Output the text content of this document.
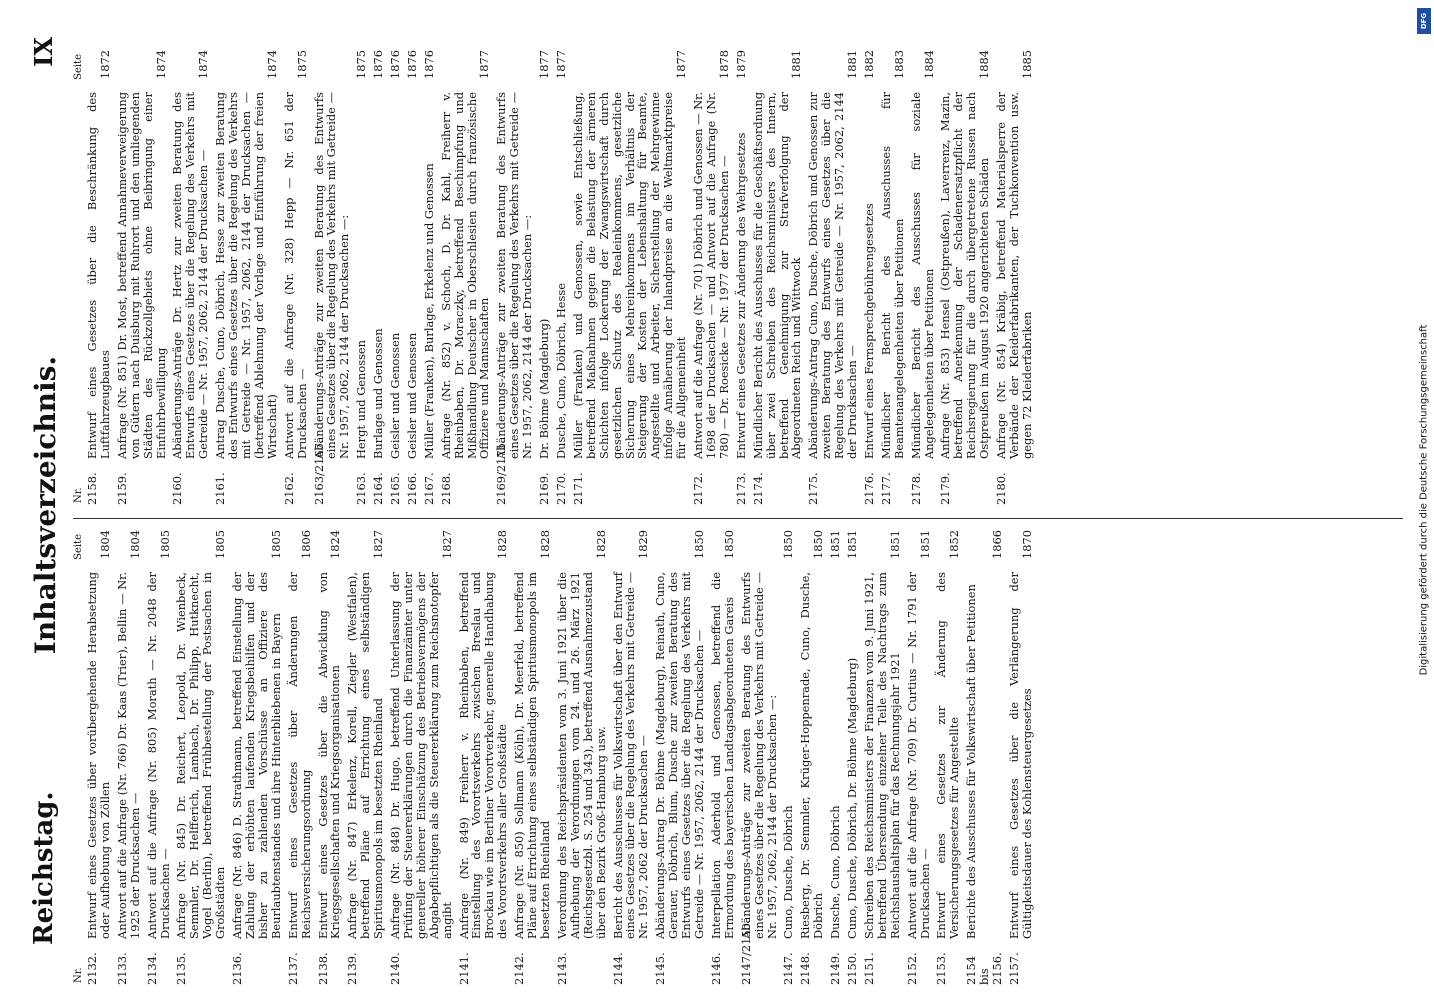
Reichstag.
Inhaltsverzeichnis.
IX
Nr.
Seite
2132.
Entwurf eines Gesetzes über vorübergehende Herabsetzung oder Aufhebung von Zöllen
1804
2133.
Antwort auf die Anfrage (Nr. 766) Dr. Kaas (Trier), Bellin — Nr. 1925 der Drucksachen —
1804
2134.
Antwort auf die Anfrage (Nr. 805) Morath — Nr. 2048 der Drucksachen —
1805
2135.
Anfrage (Nr. 845) Dr. Reichert, Leopold, Dr. Wienbeck, Semmler, Dr. Helfferich, Lambach, Dr. Philipp, Hutknecht, Vogel (Berlin), betreffend Frühbestellung der Postsachen in Großstädten
1805
2136.
Anfrage (Nr. 846) D. Strathmann, betreffend Einstellung der Zahlung der erhöhten laufenden Kriegsbeihilfen und der bisher zu zahlenden Vorschüsse an Offiziere des Beurlaubtenstandes und ihre Hinterbliebenen in Bayern
1805
2137.
Entwurf eines Gesetzes über Änderungen der Reichsversicherungsordnung
1806
2138.
Entwurf eines Gesetzes über die Abwicklung von Kriegsgesellschaften und Kriegsorganisationen
1824
2139.
Anfrage (Nr. 847) Erkelenz, Korell, Ziegler (Westfalen), betreffend Pläne auf Errichtung eines selbständigen Spiritusmonopols im besetzten Rheinland
1827
2140.
Anfrage (Nr. 848) Dr. Hugo, betreffend Unterlassung der Prüfung der Steuererklärungen durch die Finanzämter unter genereller höherer Einschätzung des Betriebsvermögens der Abgabepflichtigen als die Steuererklärung zum Reichsnotopfer angibt
1827
2141.
Anfrage (Nr. 849) Freiherr v. Rheinbaben, betreffend Einstellung des Vorortsverkehrs zwischen Breslau und Brockau wie im Berliner Vorortverkehr, generelle Handhabung des Vorortsverkehrs aller Großstädte
1828
2142.
Anfrage (Nr. 850) Sollmann (Köln), Dr. Meerfeld, betreffend Pläne auf Errichtung eines selbständigen Spiritusmonopols im besetzten Rheinland
1828
2143.
Verordnung des Reichspräsidenten vom 3. Juni 1921 über die Aufhebung der Verordnungen vom 24. und 26. März 1921 (Reichsgesetzbl. S. 254 und 343), betreffend Ausnahmezustand über den Bezirk Groß-Hamburg usw.
1828
2144.
Bericht des Ausschusses für Volkswirtschaft über den Entwurf eines Gesetzes über die Regelung des Verkehrs mit Getreide — Nr. 1957, 2062 der Drucksachen —
1829
2145.
Abänderungs-Antrag Dr. Böhme (Magdeburg), Reinath, Cuno, Gerauer, Döbrich, Blum, Dusche zur zweiten Beratung des Entwurfs eines Gesetzes über die Regelung des Verkehrs mit Getreide — Nr. 1957, 2062, 2144 der Drucksachen —
1850
2146.
Interpellation Aderhold und Genossen, betreffend die Ermordung des bayerischen Landtagsabgeordneten Gareis
1850
2147/2150.
Abänderungs-Anträge zur zweiten Beratung des Entwurfs eines Gesetzes über die Regelung des Verkehrs mit Getreide — Nr. 1957, 2062, 2144 der Drucksachen —:
2147.
Cuno, Dusche, Döbrich
1850
2148.
Riesberg, Dr. Semmler, Krüger-Hoppenrade, Cuno, Dusche, Döbrich
1850
2149.
Dusche, Cuno, Döbrich
1851
2150.
Cuno, Dusche, Döbrich, Dr. Böhme (Magdeburg)
1851
2151.
Schreiben des Reichsministers der Finanzen vom 9. Juni 1921, betreffend Übersendung einzelner Teile des Nachtrags zum Reichshaushaltsplan für das Rechnungsjahr 1921
1851
2152.
Antwort auf die Anfrage (Nr. 709) Dr. Curtius — Nr. 1791 der Drucksachen —
1851
2153.
Entwurf eines Gesetzes zur Änderung des Versicherungsgesetzes für Angestellte
1852
2154 bis 2156.
Berichte des Ausschusses für Volkswirtschaft über Petitionen
1866
2157.
Entwurf eines Gesetzes über die Verlängerung der Gültigkeitsdauer des Kohlensteuergesetzes
1870
Nr.
Seite
2158.
Entwurf eines Gesetzes über die Beschränkung des Luftfahrzeugbaues
1872
2159.
Anfrage (Nr. 851) Dr. Most, betreffend Annahmeverweigerung von Gütern nach Duisburg mit Ruhrort und den umliegenden Städten des Rückzollgebiets ohne Beibringung einer Einfuhrbewilligung
1874
2160.
Abänderungs-Anträge Dr. Hertz zur zweiten Beratung des Entwurfs eines Gesetzes über die Regelung des Verkehrs mit Getreide — Nr. 1957, 2062, 2144 der Drucksachen —
1874
2161.
Antrag Dusche, Cuno, Döbrich, Hesse zur zweiten Beratung des Entwurfs eines Gesetzes über die Regelung des Verkehrs mit Getreide — Nr. 1957, 2062, 2144 der Drucksachen — (betreffend Ablehnung der Vorlage und Einführung der freien Wirtschaft)
1874
2162.
Antwort auf die Anfrage (Nr. 328) Hepp — Nr. 651 der Drucksachen —
1875
2163/2167.
Abänderungs-Anträge zur zweiten Beratung des Entwurfs eines Gesetzes über die Regelung des Verkehrs mit Getreide — Nr. 1957, 2062, 2144 der Drucksachen —:
2163.
Hergt und Genossen
1875
2164.
Burlage und Genossen
1876
2165.
Geisler und Genossen
1876
2166.
Geisler und Genossen
1876
2167.
Müller (Franken), Burlage, Erkelenz und Genossen
1876
2168.
Anfrage (Nr. 852) v. Schoch, D. Dr. Kahl, Freiherr v. Rheinbaben, Dr. Moraczky, betreffend Beschimpfung und Mißhandlung Deutscher in Oberschlesien durch französische Offiziere und Mannschaften
1877
2169/2171.
Abänderungs-Anträge zur zweiten Beratung des Entwurfs eines Gesetzes über die Regelung des Verkehrs mit Getreide — Nr. 1957, 2062, 2144 der Drucksachen —:
2169.
Dr. Böhme (Magdeburg)
1877
2170.
Dusche, Cuno, Döbrich, Hesse
1877
2171.
Müller (Franken) und Genossen, sowie Entschließung, betreffend Maßnahmen gegen die Belastung der ärmeren Schichten infolge Lockerung der Zwangswirtschaft durch gesetzlichen Schutz des Realeinkommens, gesetzliche Sicherung eines Mehreinkommens im Verhältnis der Steigerung der Kosten der Lebenshaltung für Beamte, Angestellte und Arbeiter, Sicherstellung der Mehrgewinne infolge Annäherung der Inlandpreise an die Weltmarktpreise für die Allgemeinheit
1877
2172.
Antwort auf die Anfrage (Nr. 701) Döbrich und Genossen — Nr. 1698 der Drucksachen — und Antwort auf die Anfrage (Nr. 780) — Dr. Roesicke — Nr. 1977 der Drucksachen —
1878
2173.
Entwurf eines Gesetzes zur Änderung des Wehrgesetzes
1879
2174.
Mündlicher Bericht des Ausschusses für die Geschäftsordnung über zwei Schreiben des Reichsministers des Innern, betreffend Genehmigung zur Strafverfolgung der Abgeordneten Reich und Wittwock
1881
2175.
Abänderungs-Antrag Cuno, Dusche, Döbrich und Genossen zur zweiten Beratung des Entwurfs eines Gesetzes über die Regelung des Verkehrs mit Getreide — Nr. 1957, 2062, 2144 der Drucksachen —
1881
2176.
Entwurf eines Fernsprechgebührengesetzes
1882
2177.
Mündlicher Bericht des Ausschusses für Beamtenangelegenheiten über Petitionen
1883
2178.
Mündlicher Bericht des Ausschusses für soziale Angelegenheiten über Petitionen
1884
2179.
Anfrage (Nr. 853) Hensel (Ostpreußen), Laverrenz, Mazin, betreffend Anerkennung der Schadenersatzpflicht der Reichsregierung für die durch übergetretene Russen nach Ostpreußen im August 1920 angerichteten Schäden
1884
2180.
Anfrage (Nr. 854) Kräbig, betreffend Materialsperre der Verbände der Kleiderfabrikanten, der Tuchkonvention usw. gegen 72 Kleiderfabriken
1885
Digitalisierung gefördert durch die Deutsche Forschungsgemeinschaft
DFG
